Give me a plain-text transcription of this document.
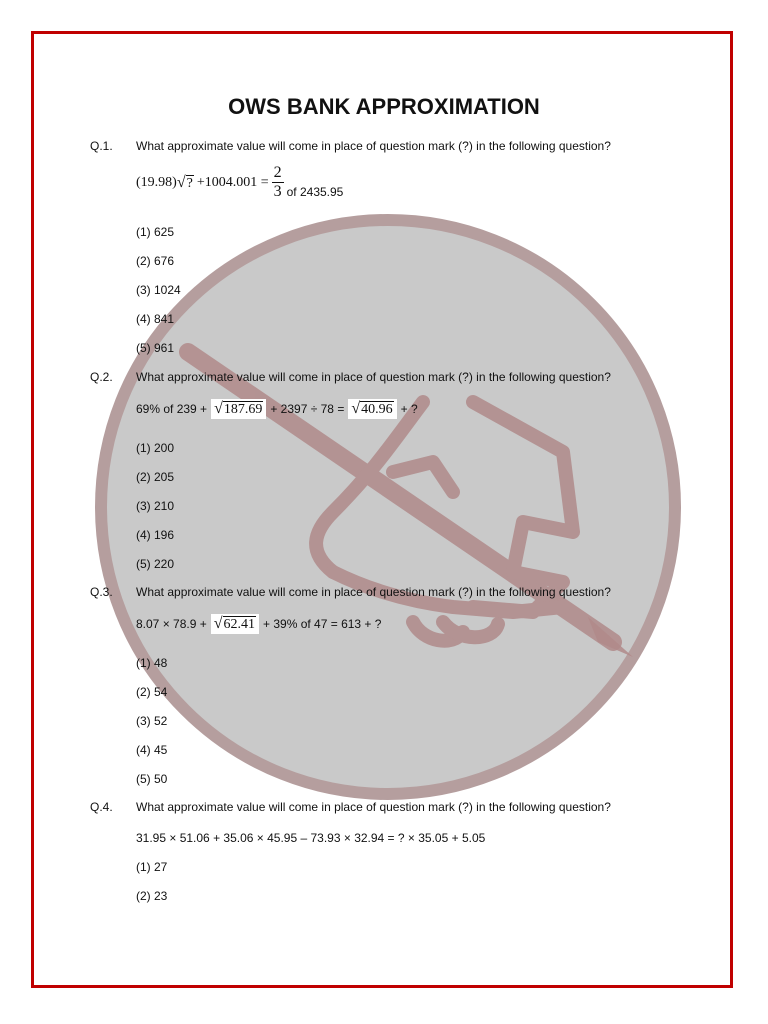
OWS BANK APPROXIMATION
Q.1. What approximate value will come in place of question mark (?) in the following question?
(19.98) √? $+1004.001 = \frac{2}{3}$ of 2435.95
(1) 625
(2) 676
(3) 1024
(4) 841
(5) 961
Q.2. What approximate value will come in place of question mark (?) in the following question?
69% of 239 + √187.69 + 2397 ÷ 78 = √40.96 + ?
(1) 200
(2) 205
(3) 210
(4) 196
(5) 220
Q.3. What approximate value will come in place of question mark (?) in the following question?
8.07 × 78.9 + √62.41 + 39% of 47 = 613 + ?
(1) 48
(2) 54
(3) 52
(4) 45
(5) 50
Q.4. What approximate value will come in place of question mark (?) in the following question?
31.95 × 51.06 + 35.06 × 45.95 – 73.93 × 32.94 = ? × 35.05 + 5.05
(1) 27
(2) 23
